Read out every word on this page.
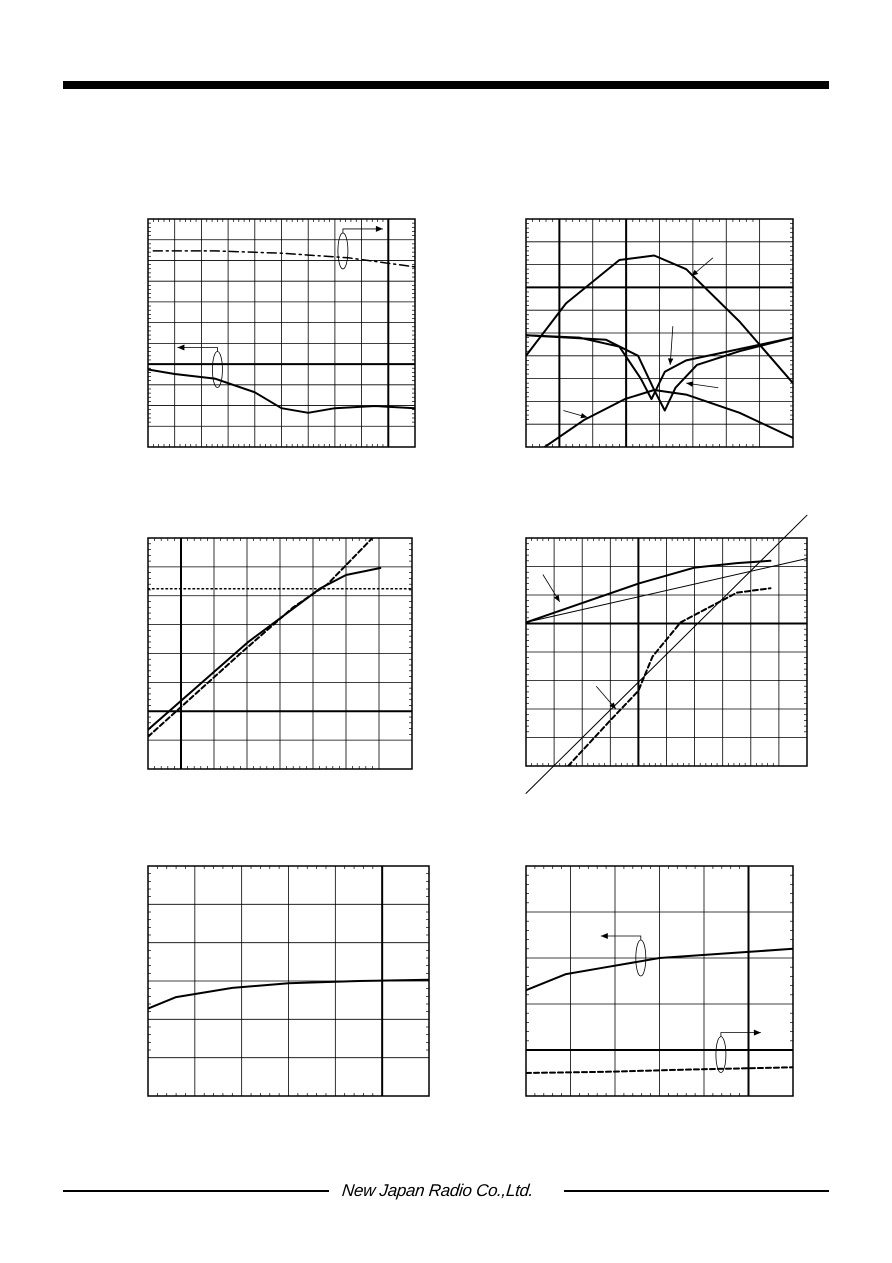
New Japan Radio Co.,Ltd.
